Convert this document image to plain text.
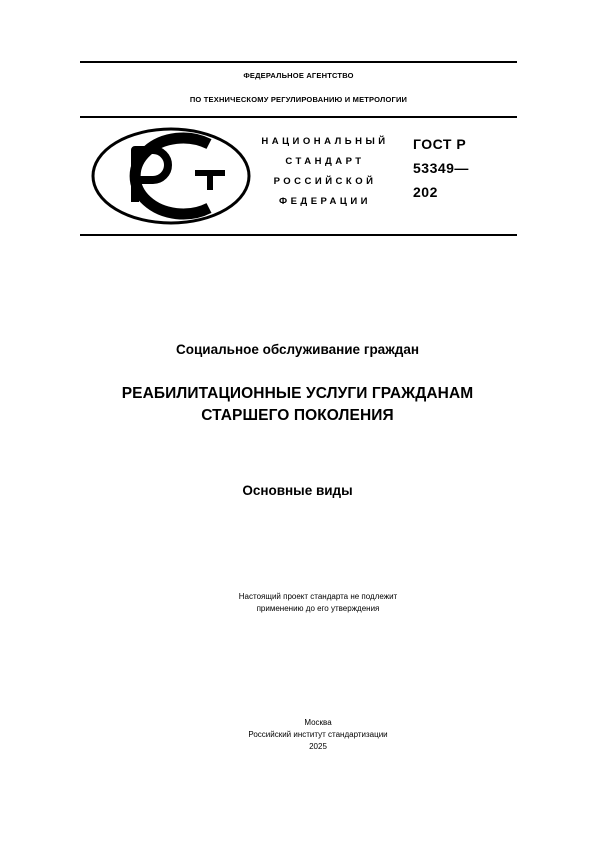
ФЕДЕРАЛЬНОЕ АГЕНТСТВО
ПО ТЕХНИЧЕСКОМУ РЕГУЛИРОВАНИЮ И МЕТРОЛОГИИ
НАЦИОНАЛЬНЫЙ
СТАНДАРТ
РОССИЙСКОЙ
ФЕДЕРАЦИИ
ГОСТ Р
53349—
202
Социальное обслуживание граждан
РЕАБИЛИТАЦИОННЫЕ УСЛУГИ ГРАЖДАНАМ
СТАРШЕГО ПОКОЛЕНИЯ
Основные виды
Настоящий проект стандарта не подлежит
применению до его утверждения
Москва
Российский институт стандартизации
2025
